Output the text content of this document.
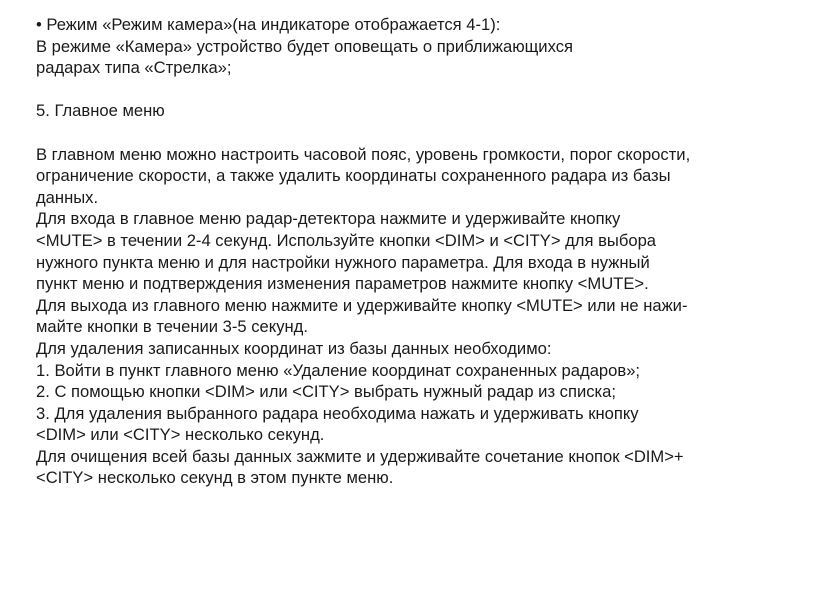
• Режим «Режим камера»(на индикаторе отображается 4-1):

В режиме «Камера» устройство будет оповещать о приближающихся

радарах типа «Стрелка»;

5. Главное меню

В главном меню можно настроить часовой пояс, уровень громкости, порог скорости,

ограничение скорости, а также удалить координаты сохраненного радара из базы

данных.

Для входа в главное меню радар-детектора нажмите и удерживайте кнопку

<MUTE> в течении 2-4 секунд. Используйте кнопки <DIM> и <CITY> для выбора

нужного пункта меню и для настройки нужного параметра. Для входа в нужный

пункт меню и подтверждения изменения параметров нажмите кнопку <MUTE>.

Для выхода из главного меню нажмите и удерживайте кнопку <MUTE> или не нажи-

майте кнопки в течении 3-5 секунд.

Для удаления записанных координат из базы данных необходимо:

1. Войти в пункт главного меню «Удаление координат сохраненных радаров»;

2. С помощью кнопки <DIM> или <CITY> выбрать нужный радар из списка;

3. Для удаления выбранного радара необходима нажать и удерживать кнопку

<DIM> или <CITY> несколько секунд.

Для очищения всей базы данных зажмите и удерживайте сочетание кнопок <DIM>+

<CITY> несколько секунд в этом пункте меню.
